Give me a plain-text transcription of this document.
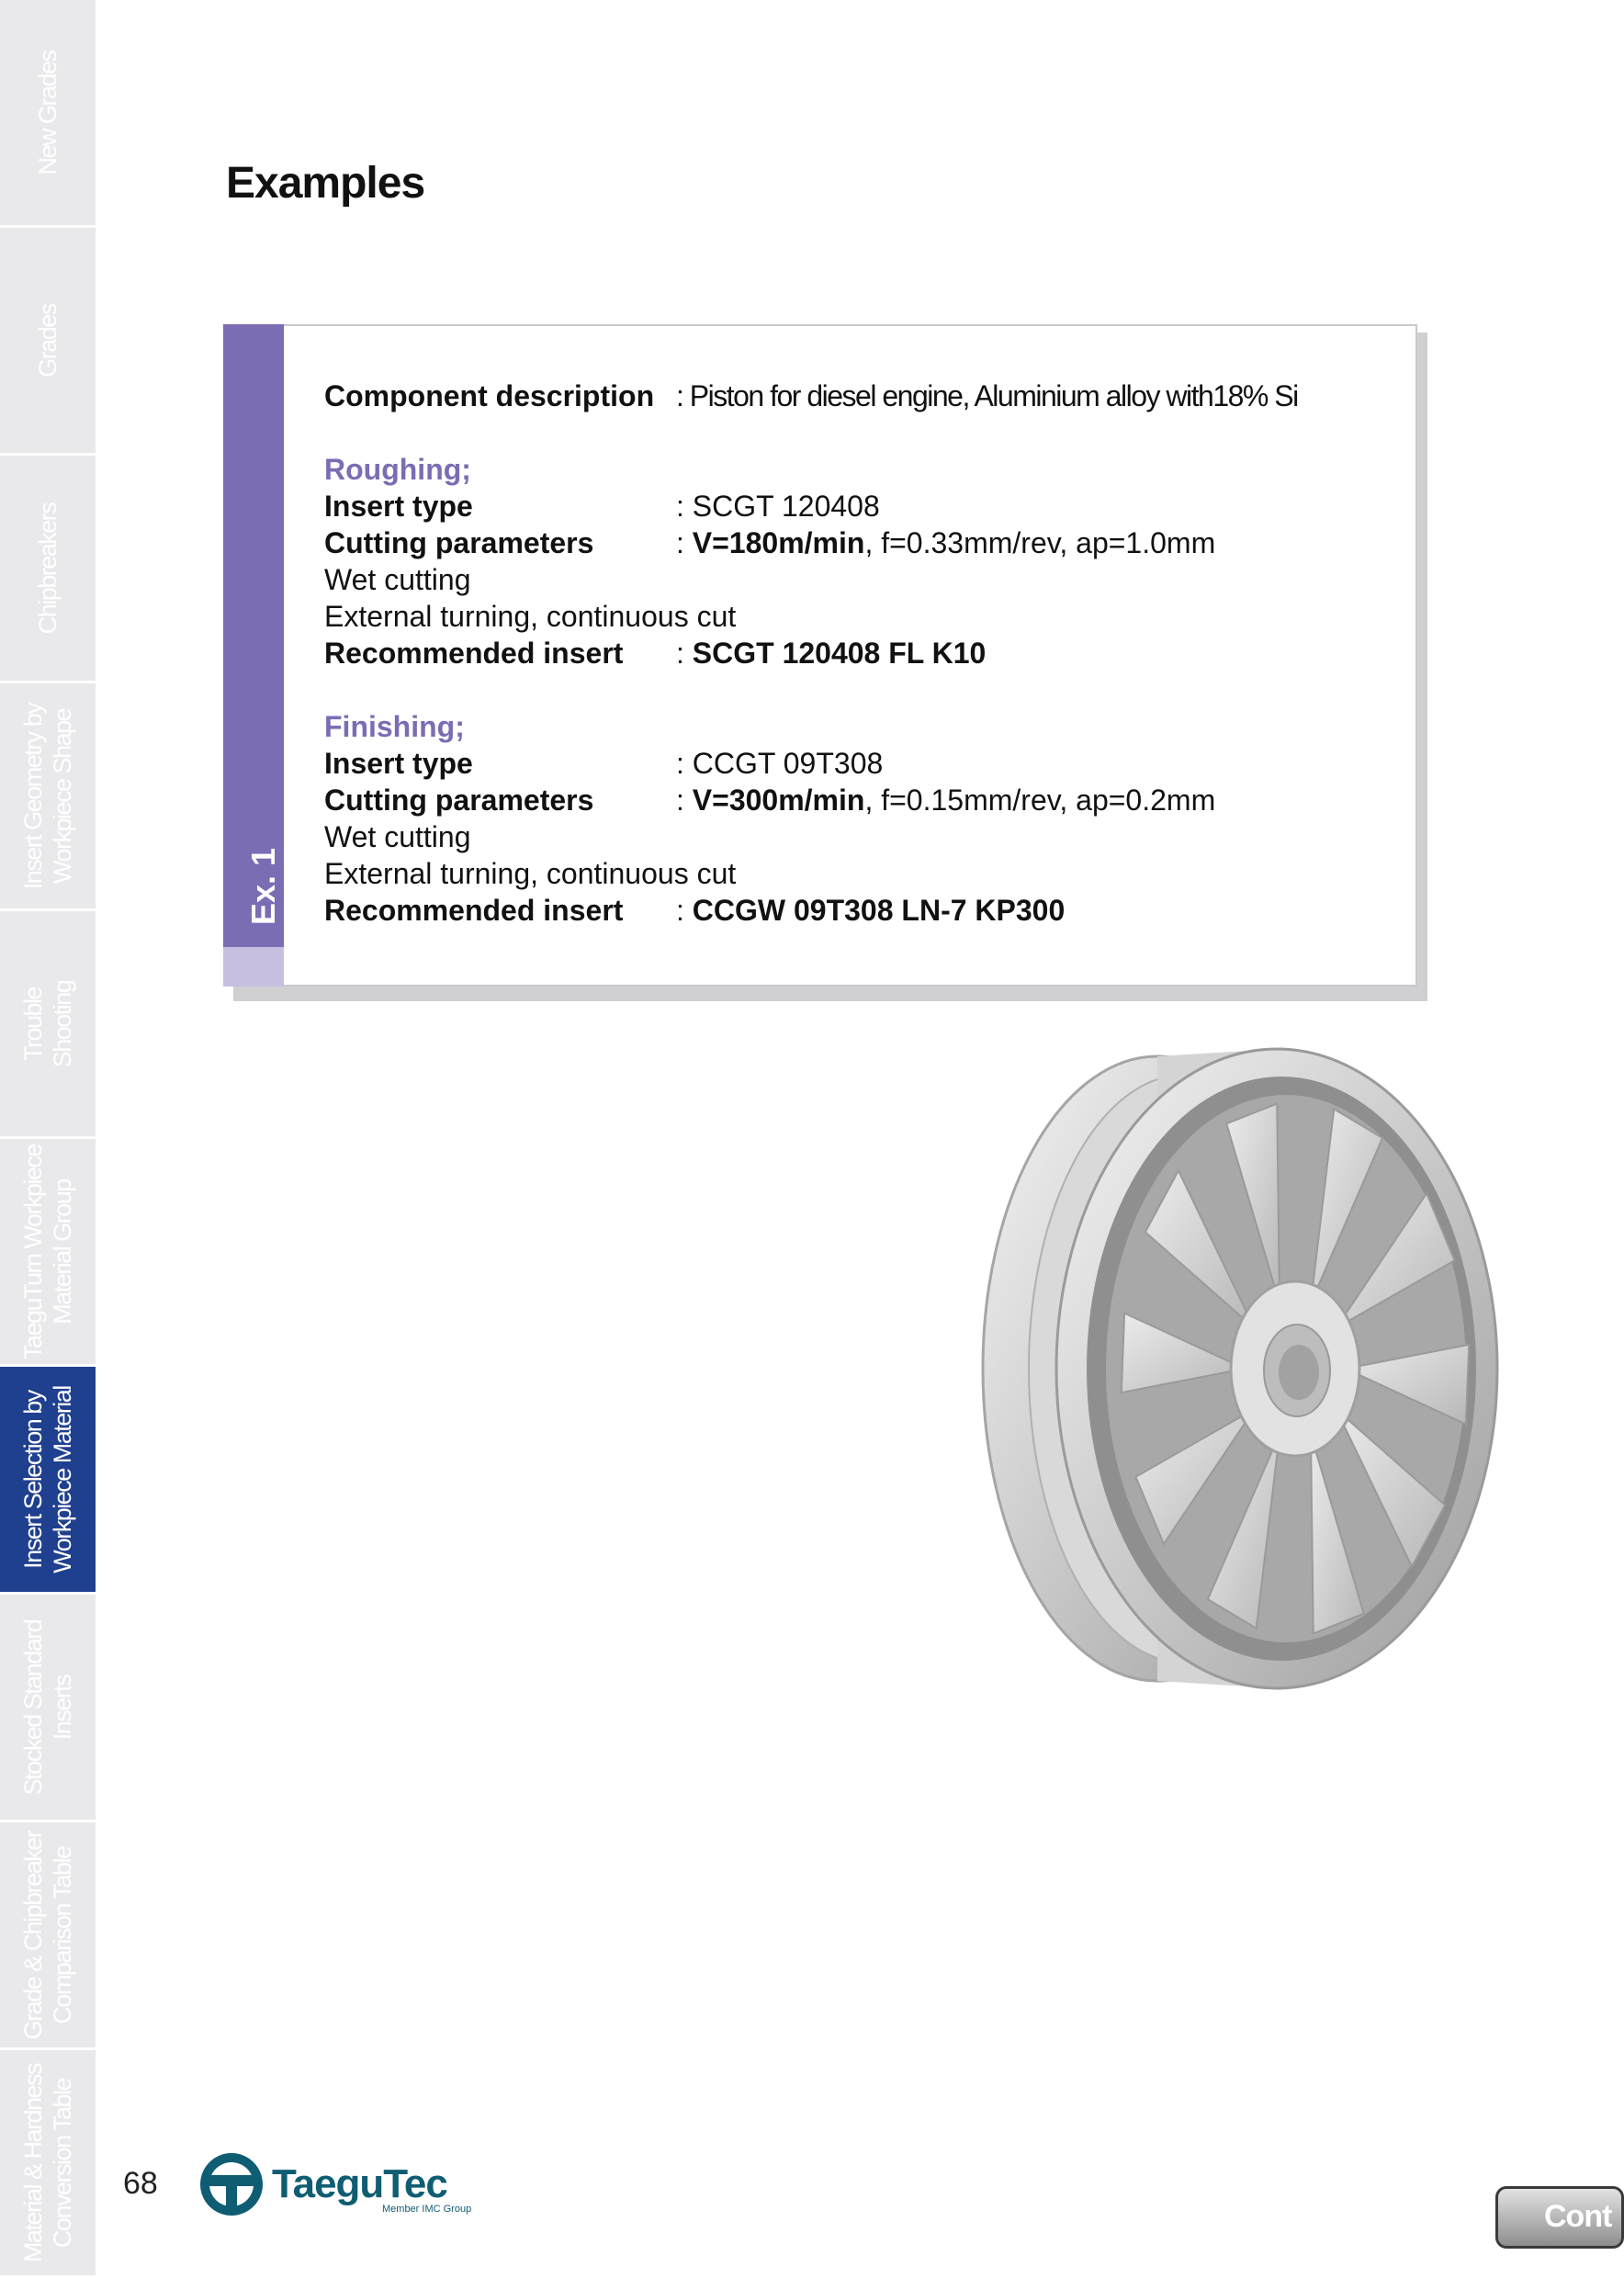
New Grades
Grades
Chipbreakers
Insert Geometry by Workpiece Shape
Trouble Shooting
TaeguTurn Workpiece Material Group
Insert Selection by Workpiece Material
Stocked Standard Inserts
Grade & Chipbreaker Comparison Table
Material & Hardness Conversion Table
Examples
Ex. 1
Component description : Piston for diesel engine, Aluminium alloy with18% Si
Roughing;
Insert type	: SCGT 120408
Cutting parameters	: V=180m/min, f=0.33mm/rev, ap=1.0mm
Wet cutting
External turning, continuous cut
Recommended insert : SCGT 120408 FL K10
Finishing;
Insert type	: CCGT 09T308
Cutting parameters	: V=300m/min, f=0.15mm/rev, ap=0.2mm
Wet cutting
External turning, continuous cut
Recommended insert : CCGW 09T308 LN-7 KP300
68	TaeguTec
Member IMC Group	Cont
